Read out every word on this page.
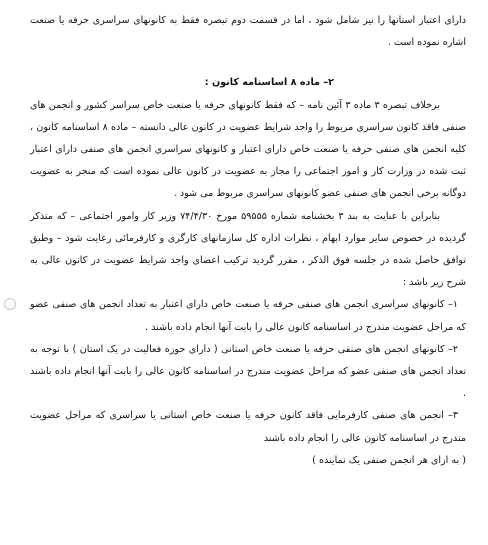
دارای اعتبار استانها را نیز شامل شود ، اما در قسمت دوم تبصره فقط به کانونهای سراسری حرفه یا صنعت اشاره نموده است .

۲– ماده ۸ اساسنامه کانون :

برخلاف تبصره ۳ ماده ۳ آئین نامه – که فقط کانونهای حرفه یا صنعت خاص سراسر کشور و انجمن های صنفی فاقد کانون سراسری مربوط را واجد شرایط عضویت در کانون عالی دانسته – ماده ۸ اساسنامه کانون ، کلیه انجمن های صنفی حرفه یا صنعت خاص دارای اعتبار و کانونهای سراسری انجمن های صنفی دارای اعتبار ثبت شده در وزارت کار و امور اجتماعی را مجاز به عضویت در کانون عالی نموده است که منجر به عضویت دوگانه برخی انجمن های صنفی عضو کانونهای سراسری مربوط می شود .

بنابراین با عنایت به بند ۳ بخشنامه شماره ۵۹۵۵۵ مورخ ۷۴/۴/۳۰ وزیر کار وامور اجتماعی – که متذکر گردیده در خصوص سایر موارد ابهام ، نظرات اداره کل سازمانهای کارگری و کارفرمائی رعایت شود – وطبق توافق حاصل شده در جلسه فوق الذکر ، مقرر گردید ترکیب اعضای واجد شرایط عضویت در کانون عالی به شرح زیر باشد :

۱– کانونهای سراسری انجمن های صنفی حرفه یا صنعت خاص دارای اعتبار به تعداد انجمن های صنفی عضو که مراحل عضویت مندرج در اساسنامه کانون عالی را بابت آنها انجام داده باشند .

۲– کانونهای انجمن های صنفی حرفه یا صنعت خاص استانی ( دارای حوزه فعالیت در یک استان ) با توجه به تعداد انجمن های صنفی عضو که مراحل عضویت مندرج در اساسنامه کانون عالی را بابت آنها انجام داده باشند .

۳– انجمن های صنفی کارفرمایی فاقد کانون حرفه یا صنعت خاص استانی یا سراسری که مراحل عضویت مندرج در اساسنامه کانون عالی را انجام داده باشند

( به ازای هر انجمن صنفی یک نماینده )
